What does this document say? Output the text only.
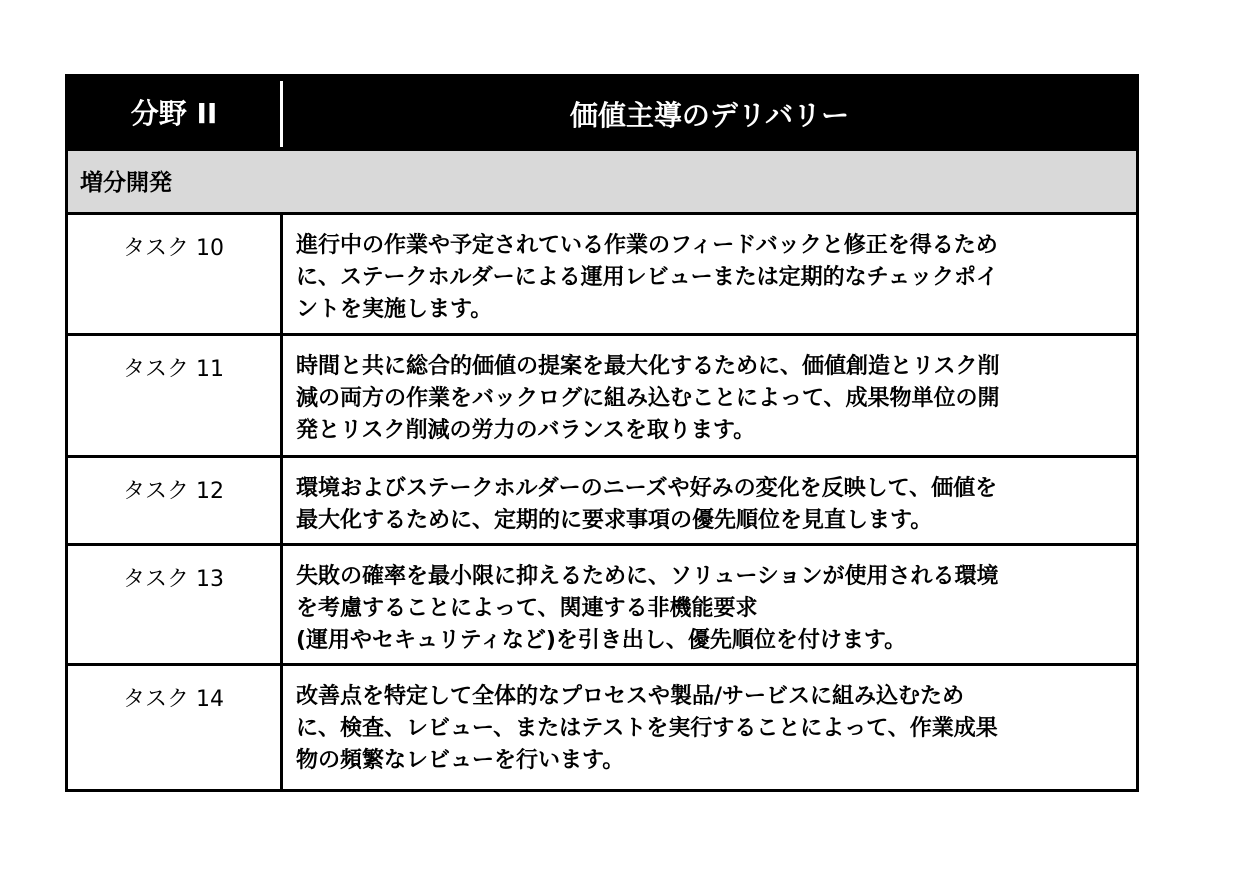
分野 II	価値主導のデリバリー
増分開発
タスク 10	進行中の作業や予定されている作業のフィードバックと修正を得るため
に、ステークホルダーによる運用レビューまたは定期的なチェックポイ
ントを実施します。
タスク 11	時間と共に総合的価値の提案を最大化するために、価値創造とリスク削
減の両方の作業をバックログに組み込むことによって、成果物単位の開
発とリスク削減の労力のバランスを取ります。
タスク 12	環境およびステークホルダーのニーズや好みの変化を反映して、価値を
最大化するために、定期的に要求事項の優先順位を見直します。
タスク 13	失敗の確率を最小限に抑えるために、ソリューションが使用される環境
を考慮することによって、関連する非機能要求
(運用やセキュリティなど)を引き出し、優先順位を付けます。
タスク 14	改善点を特定して全体的なプロセスや製品/サービスに組み込むため
に、検査、レビュー、またはテストを実行することによって、作業成果
物の頻繁なレビューを行います。
